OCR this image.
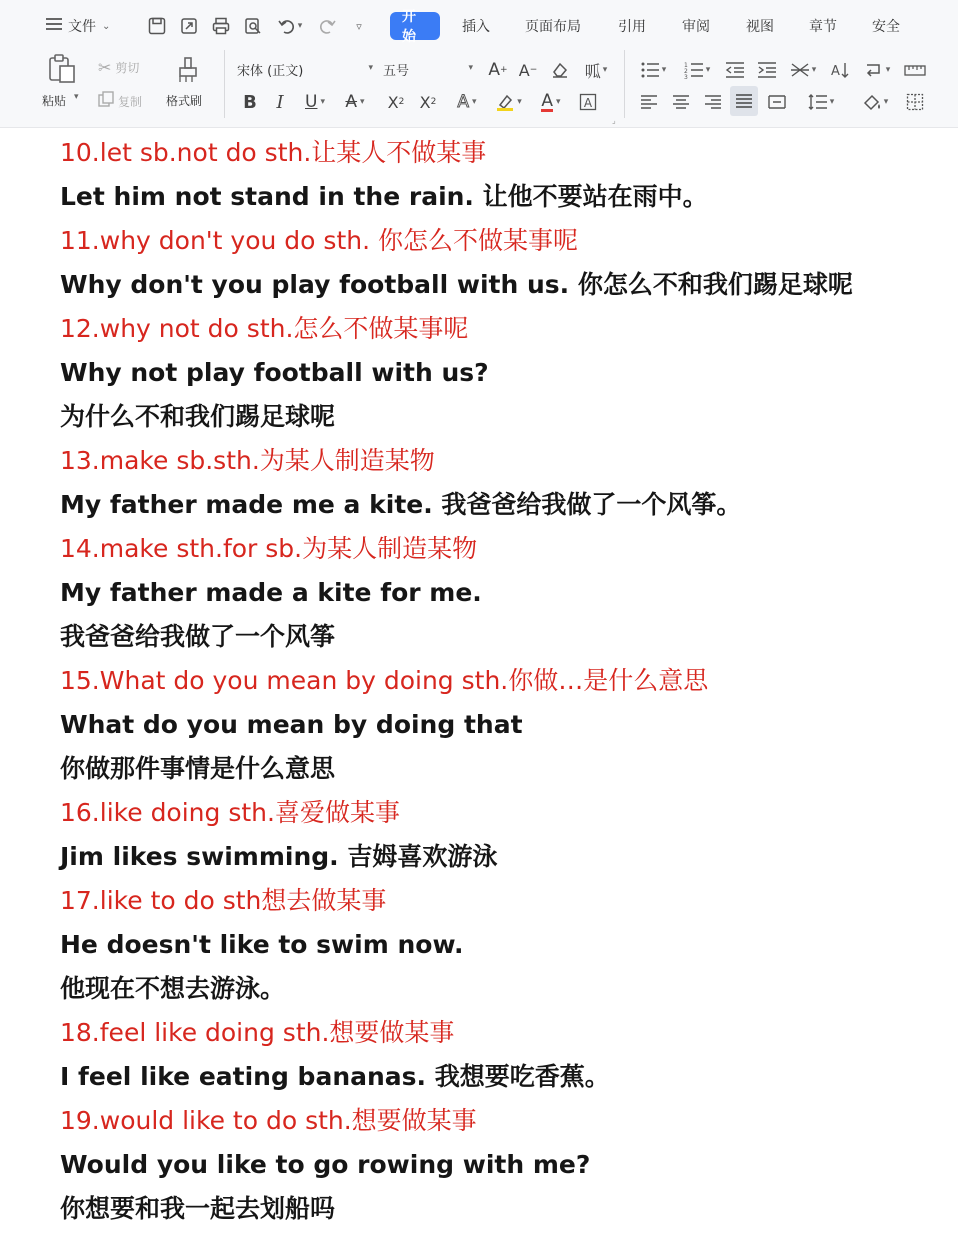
文件 ⌄	▾	▿
开始
插入	页面布局	引用	审阅	视图	章节	安全
粘贴 ▾
✂ 剪切
复制 格式刷
宋体 (正文)	▾ 五号	▾ A + A −	呱 ▾
B	I	U ▾ A ▾	X 2 X 2 A ▾	▾ A ▾ A
▾	1
2
3
▾	▾ A	▾
▾	▾
⌟
10.let sb.not do sth.让某人不做某事
Let him not stand in the rain. 让他不要站在雨中。
11.why don't you do sth. 你怎么不做某事呢
Why don't you play football with us. 你怎么不和我们踢足球呢
12.why not do sth.怎么不做某事呢
Why not play football with us?
为什么不和我们踢足球呢
13.make sb.sth.为某人制造某物
My father made me a kite. 我爸爸给我做了一个风筝。
14.make sth.for sb.为某人制造某物
My father made a kite for me.
我爸爸给我做了一个风筝
15.What do you mean by doing sth.你做…是什么意思
What do you mean by doing that
你做那件事情是什么意思
16.like doing sth.喜爱做某事
Jim likes swimming. 吉姆喜欢游泳
17.like to do sth想去做某事
He doesn't like to swim now.
他现在不想去游泳。
18.feel like doing sth.想要做某事
I feel like eating bananas. 我想要吃香蕉。
19.would like to do sth.想要做某事
Would you like to go rowing with me?
你想要和我一起去划船吗
